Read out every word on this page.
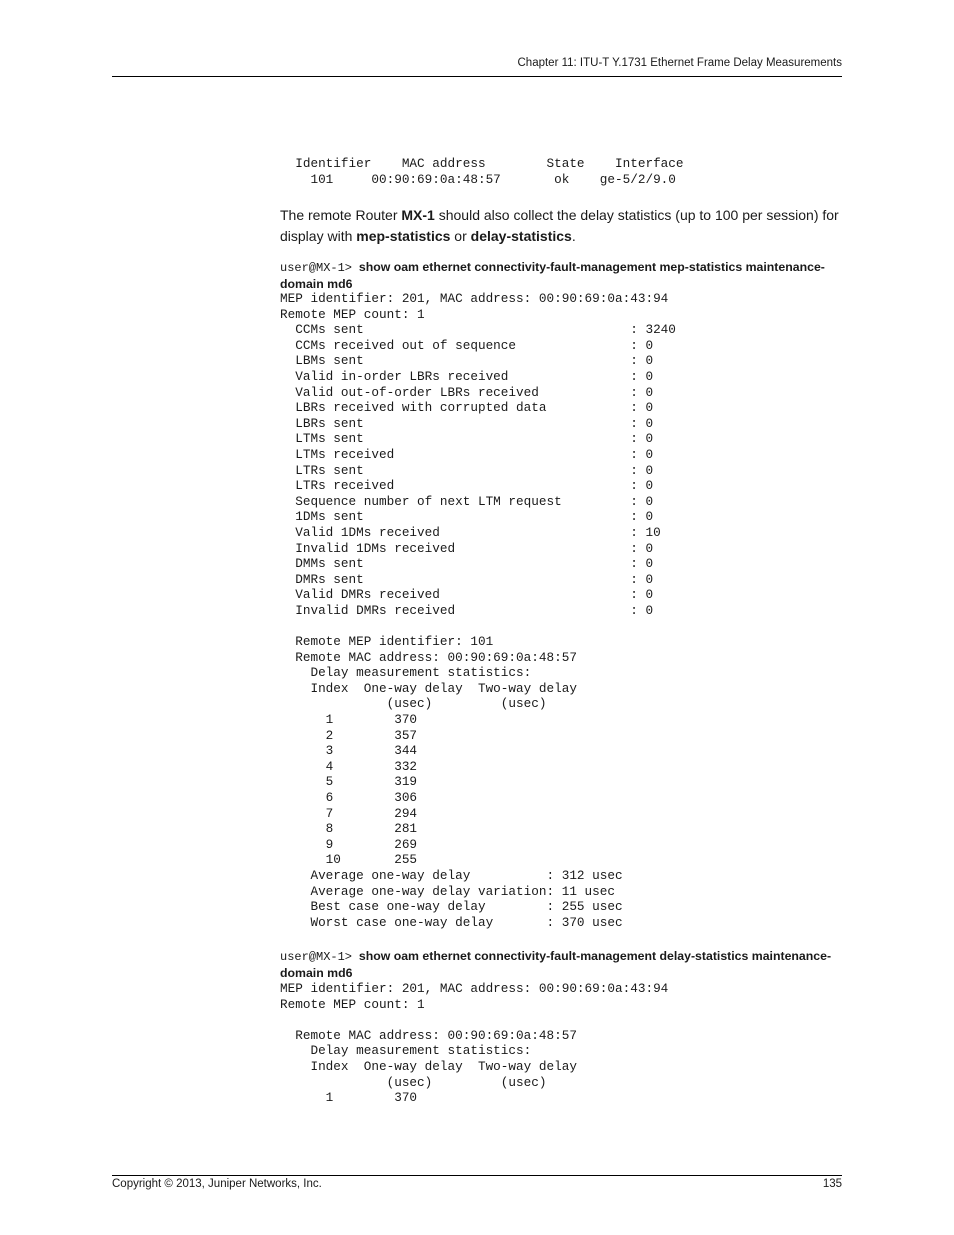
Chapter 11: ITU-T Y.1731 Ethernet Frame Delay Measurements
Identifier    MAC address        State    Interface
101     00:90:69:0a:48:57       ok    ge-5/2/9.0

The remote Router MX-1 should also collect the delay statistics (up to 100 per session) for display with mep-statistics or delay-statistics.

user@MX-1> show oam ethernet connectivity-fault-management mep-statistics maintenance-domain md6

MEP identifier: 201, MAC address: 00:90:69:0a:43:94
Remote MEP count: 1
CCMs sent                                   : 3240
CCMs received out of sequence               : 0
LBMs sent                                   : 0
Valid in-order LBRs received                : 0
Valid out-of-order LBRs received            : 0
LBRs received with corrupted data           : 0
LBRs sent                                   : 0
LTMs sent                                   : 0
LTMs received                               : 0
LTRs sent                                   : 0
LTRs received                               : 0
Sequence number of next LTM request         : 0
1DMs sent                                   : 0
Valid 1DMs received                         : 10
Invalid 1DMs received                       : 0
DMMs sent                                   : 0
DMRs sent                                   : 0
Valid DMRs received                         : 0
Invalid DMRs received                       : 0

Remote MEP identifier: 101
Remote MAC address: 00:90:69:0a:48:57
Delay measurement statistics:
Index  One-way delay  Two-way delay
(usec)         (usec)
1        370
2        357
3        344
4        332
5        319
6        306
7        294
8        281
9        269
10       255
Average one-way delay          : 312 usec
Average one-way delay variation: 11 usec
Best case one-way delay        : 255 usec
Worst case one-way delay       : 370 usec

user@MX-1> show oam ethernet connectivity-fault-management delay-statistics maintenance-domain md6

MEP identifier: 201, MAC address: 00:90:69:0a:43:94
Remote MEP count: 1

Remote MAC address: 00:90:69:0a:48:57
Delay measurement statistics:
Index  One-way delay  Two-way delay
(usec)         (usec)
1        370
Copyright © 2013, Juniper Networks, Inc.	135
